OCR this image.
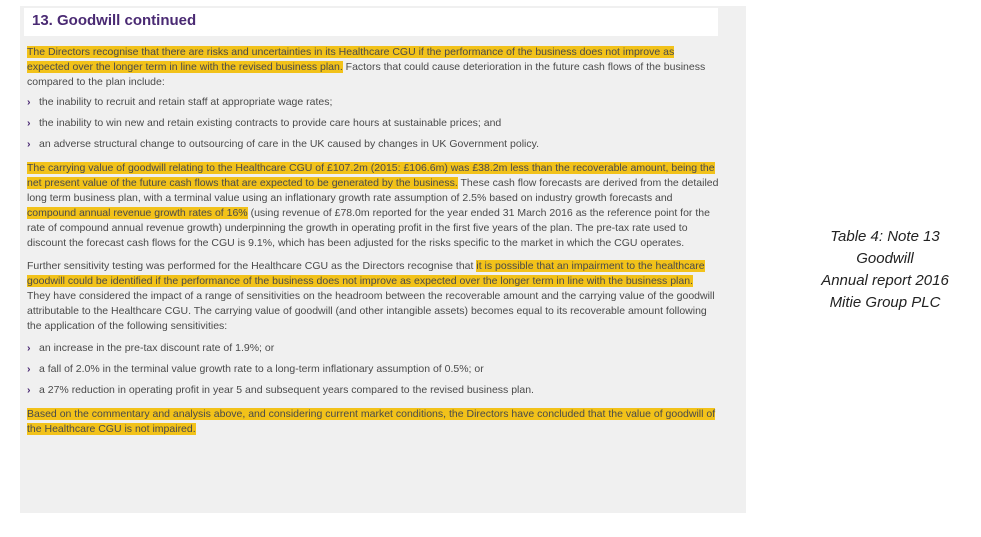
13. Goodwill continued

The Directors recognise that there are risks and uncertainties in its Healthcare CGU if the performance of the business does not improve as expected over the longer term in line with the revised business plan. Factors that could cause deterioration in the future cash flows of the business compared to the plan include:

› the inability to recruit and retain staff at appropriate wage rates;
› the inability to win new and retain existing contracts to provide care hours at sustainable prices; and
› an adverse structural change to outsourcing of care in the UK caused by changes in UK Government policy.

The carrying value of goodwill relating to the Healthcare CGU of £107.2m (2015: £106.6m) was £38.2m less than the recoverable amount, being the net present value of the future cash flows that are expected to be generated by the business. These cash flow forecasts are derived from the detailed long term business plan, with a terminal value using an inflationary growth rate assumption of 2.5% based on industry growth forecasts and compound annual revenue growth rates of 16% (using revenue of £78.0m reported for the year ended 31 March 2016 as the reference point for the rate of compound annual revenue growth) underpinning the growth in operating profit in the first five years of the plan. The pre-tax rate used to discount the forecast cash flows for the CGU is 9.1%, which has been adjusted for the risks specific to the market in which the CGU operates.

Further sensitivity testing was performed for the Healthcare CGU as the Directors recognise that it is possible that an impairment to the healthcare goodwill could be identified if the performance of the business does not improve as expected over the longer term in line with the business plan. They have considered the impact of a range of sensitivities on the headroom between the recoverable amount and the carrying value of the goodwill attributable to the Healthcare CGU. The carrying value of goodwill (and other intangible assets) becomes equal to its recoverable amount following the application of the following sensitivities:

› an increase in the pre-tax discount rate of 1.9%; or
› a fall of 2.0% in the terminal value growth rate to a long-term inflationary assumption of 0.5%; or
› a 27% reduction in operating profit in year 5 and subsequent years compared to the revised business plan.

Based on the commentary and analysis above, and considering current market conditions, the Directors have concluded that the value of goodwill of the Healthcare CGU is not impaired.

Table 4: Note 13
Goodwill
Annual report 2016
Mitie Group PLC
